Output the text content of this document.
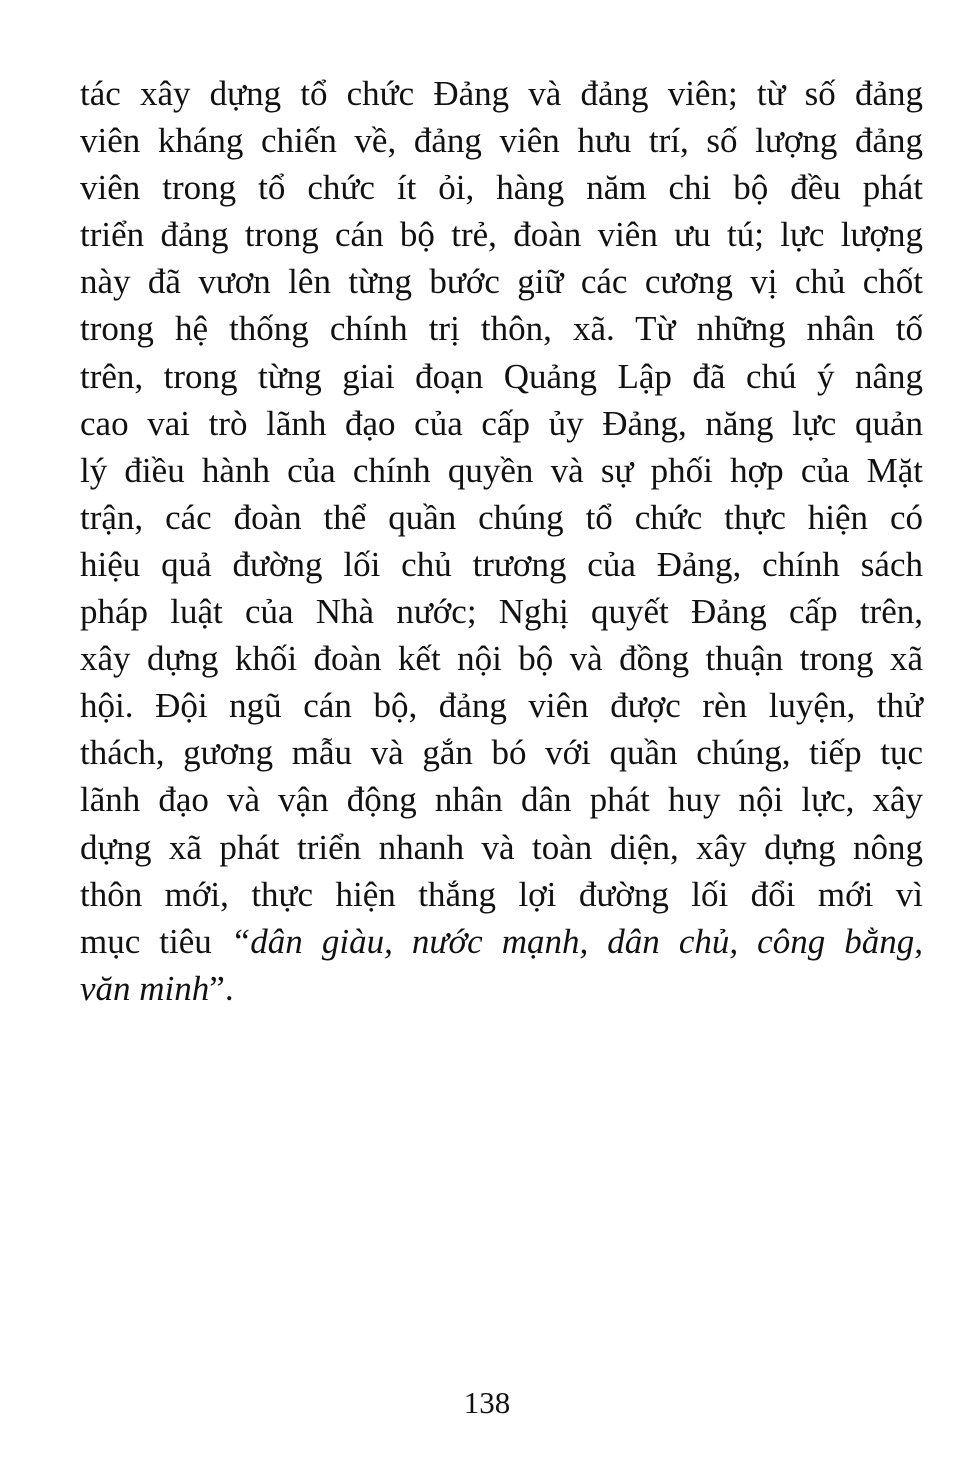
tác xây dựng tổ chức Đảng và đảng viên; từ số đảng
viên kháng chiến về, đảng viên hưu trí, số lượng đảng
viên trong tổ chức ít ỏi, hàng năm chi bộ đều phát
triển đảng trong cán bộ trẻ, đoàn viên ưu tú; lực lượng
này đã vươn lên từng bước giữ các cương vị chủ chốt
trong hệ thống chính trị thôn, xã. Từ những nhân tố
trên, trong từng giai đoạn Quảng Lập đã chú ý nâng
cao vai trò lãnh đạo của cấp ủy Đảng, năng lực quản
lý điều hành của chính quyền và sự phối hợp của Mặt
trận, các đoàn thể quần chúng tổ chức thực hiện có
hiệu quả đường lối chủ trương của Đảng, chính sách
pháp luật của Nhà nước; Nghị quyết Đảng cấp trên,
xây dựng khối đoàn kết nội bộ và đồng thuận trong xã
hội. Đội ngũ cán bộ, đảng viên được rèn luyện, thử
thách, gương mẫu và gắn bó với quần chúng, tiếp tục
lãnh đạo và vận động nhân dân phát huy nội lực, xây
dựng xã phát triển nhanh và toàn diện, xây dựng nông
thôn mới, thực hiện thắng lợi đường lối đổi mới vì
mục tiêu “dân giàu, nước mạnh, dân chủ, công bằng,
văn minh”.

138
